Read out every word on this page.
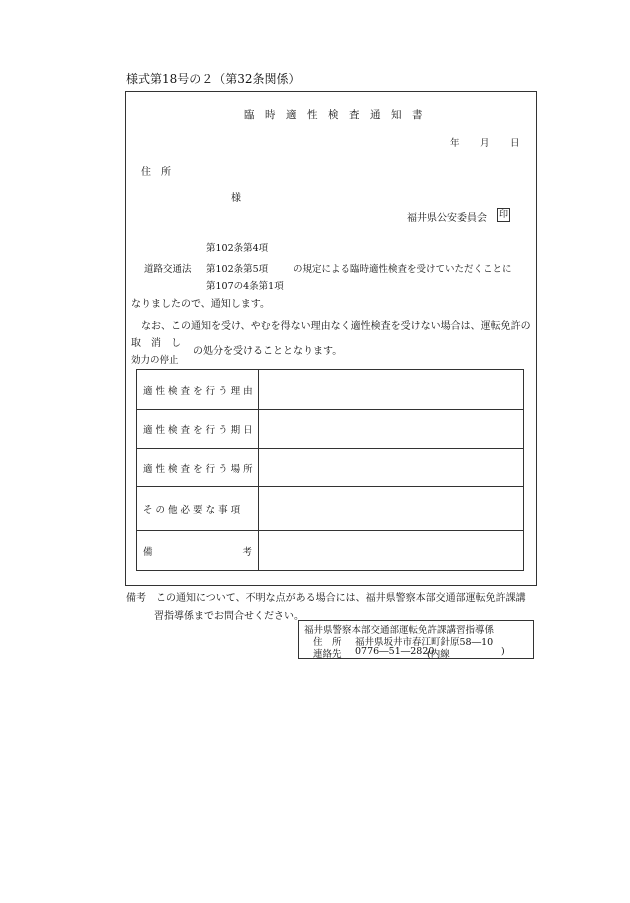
様式第18号の２（第32条関係）
臨　時　適　性　検　査　通　知　書
年 月 日
住　所
様
福井県公安委員会 印
第102条第4項
道路交通法 第102条第5項	の規定による臨時適性検査を受けていただくことに
第107の4条第1項
なりましたので、通知します。
なお、この通知を受け、やむを得ない理由なく適性検査を受けない場合は、運転免許の
取　消　し
の処分を受けることとなります。
効力の停止
適 性 検 査 を 行 う 理 由	
適 性 検 査 を 行 う 期 日	
適 性 検 査 を 行 う 場 所	
そ の 他 必 要 な 事 項	

備 考	

備考　この通知について、不明な点がある場合には、福井県警察本部交通部運転免許課講
習指導係までお問合せください。
福井県警察本部交通部運転免許課講習指導係
住　所 福井県坂井市春江町針原58―10
連絡先 0776―51―2820
(内線	)
